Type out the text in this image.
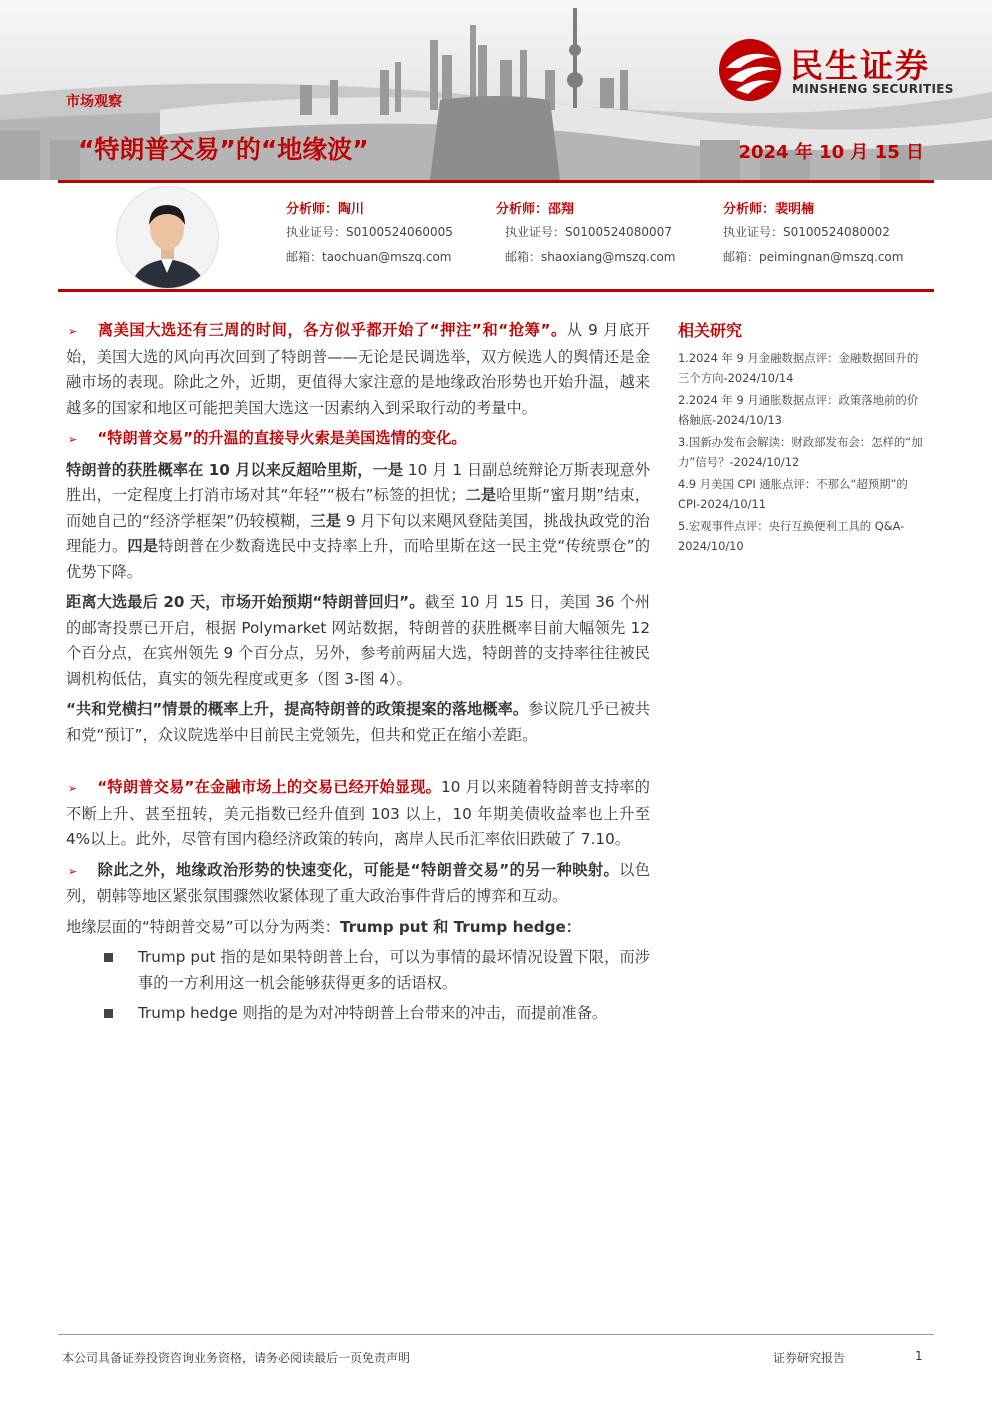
市场观察
“特朗普交易”的“地缘波”	2024 年 10 月 15 日
民生证券
MINSHENG SECURITIES
分析师：陶川
执业证号：S0100524060005
邮箱：taochuan@mszq.com
分析师：邵翔
执业证号：S0100524080007
邮箱：shaoxiang@mszq.com
分析师：裴明楠
执业证号：S0100524080002
邮箱：peimingnan@mszq.com

➢ 离美国大选还有三周的时间，各方似乎都开始了“押注”和“抢筹”。从 9 月底开始，美国大选的风向再次回到了特朗普——无论是民调选举，双方候选人的舆情还是金融市场的表现。除此之外，近期，更值得大家注意的是地缘政治形势也开始升温，越来越多的国家和地区可能把美国大选这一因素纳入到采取行动的考量中。

➢ “特朗普交易”的升温的直接导火索是美国选情的变化。

特朗普的获胜概率在 10 月以来反超哈里斯，一是 10 月 1 日副总统辩论万斯表现意外胜出，一定程度上打消市场对其“年轻”“极右”标签的担忧；二是哈里斯“蜜月期”结束，而她自己的“经济学框架”仍较模糊，三是 9 月下旬以来飓风登陆美国，挑战执政党的治理能力。四是特朗普在少数裔选民中支持率上升，而哈里斯在这一民主党“传统票仓”的优势下降。

距离大选最后 20 天，市场开始预期“特朗普回归”。截至 10 月 15 日，美国 36 个州的邮寄投票已开启，根据 Polymarket 网站数据，特朗普的获胜概率目前大幅领先 12 个百分点，在宾州领先 9 个百分点，另外，参考前两届大选，特朗普的支持率往往被民调机构低估，真实的领先程度或更多（图 3-图 4）。

“共和党横扫”情景的概率上升，提高特朗普的政策提案的落地概率。参议院几乎已被共和党“预订”，众议院选举中目前民主党领先，但共和党正在缩小差距。

➢ “特朗普交易”在金融市场上的交易已经开始显现。10 月以来随着特朗普支持率的不断上升、甚至扭转，美元指数已经升值到 103 以上，10 年期美债收益率也上升至 4%以上。此外，尽管有国内稳经济政策的转向，离岸人民币汇率依旧跌破了 7.10。

➢ 除此之外，地缘政治形势的快速变化，可能是“特朗普交易”的另一种映射。以色列，朝韩等地区紧张氛围骤然收紧体现了重大政治事件背后的博弈和互动。

地缘层面的“特朗普交易”可以分为两类：Trump put 和 Trump hedge：

Trump put 指的是如果特朗普上台，可以为事情的最坏情况设置下限，而涉事的一方利用这一机会能够获得更多的话语权。

Trump hedge 则指的是为对冲特朗普上台带来的冲击，而提前准备。

相关研究
1.2024 年 9 月金融数据点评：金融数据回升的三个方向-2024/10/14
2.2024 年 9 月通胀数据点评：政策落地前的价格触底-2024/10/13
3.国新办发布会解读：财政部发布会：怎样的“加力”信号？-2024/10/12
4.9 月美国 CPI 通胀点评：不那么“超预期”的 CPI-2024/10/11
5.宏观事件点评：央行互换便利工具的 Q&A-2024/10/10
本公司具备证券投资咨询业务资格，请务必阅读最后一页免责声明	证券研究报告	1
